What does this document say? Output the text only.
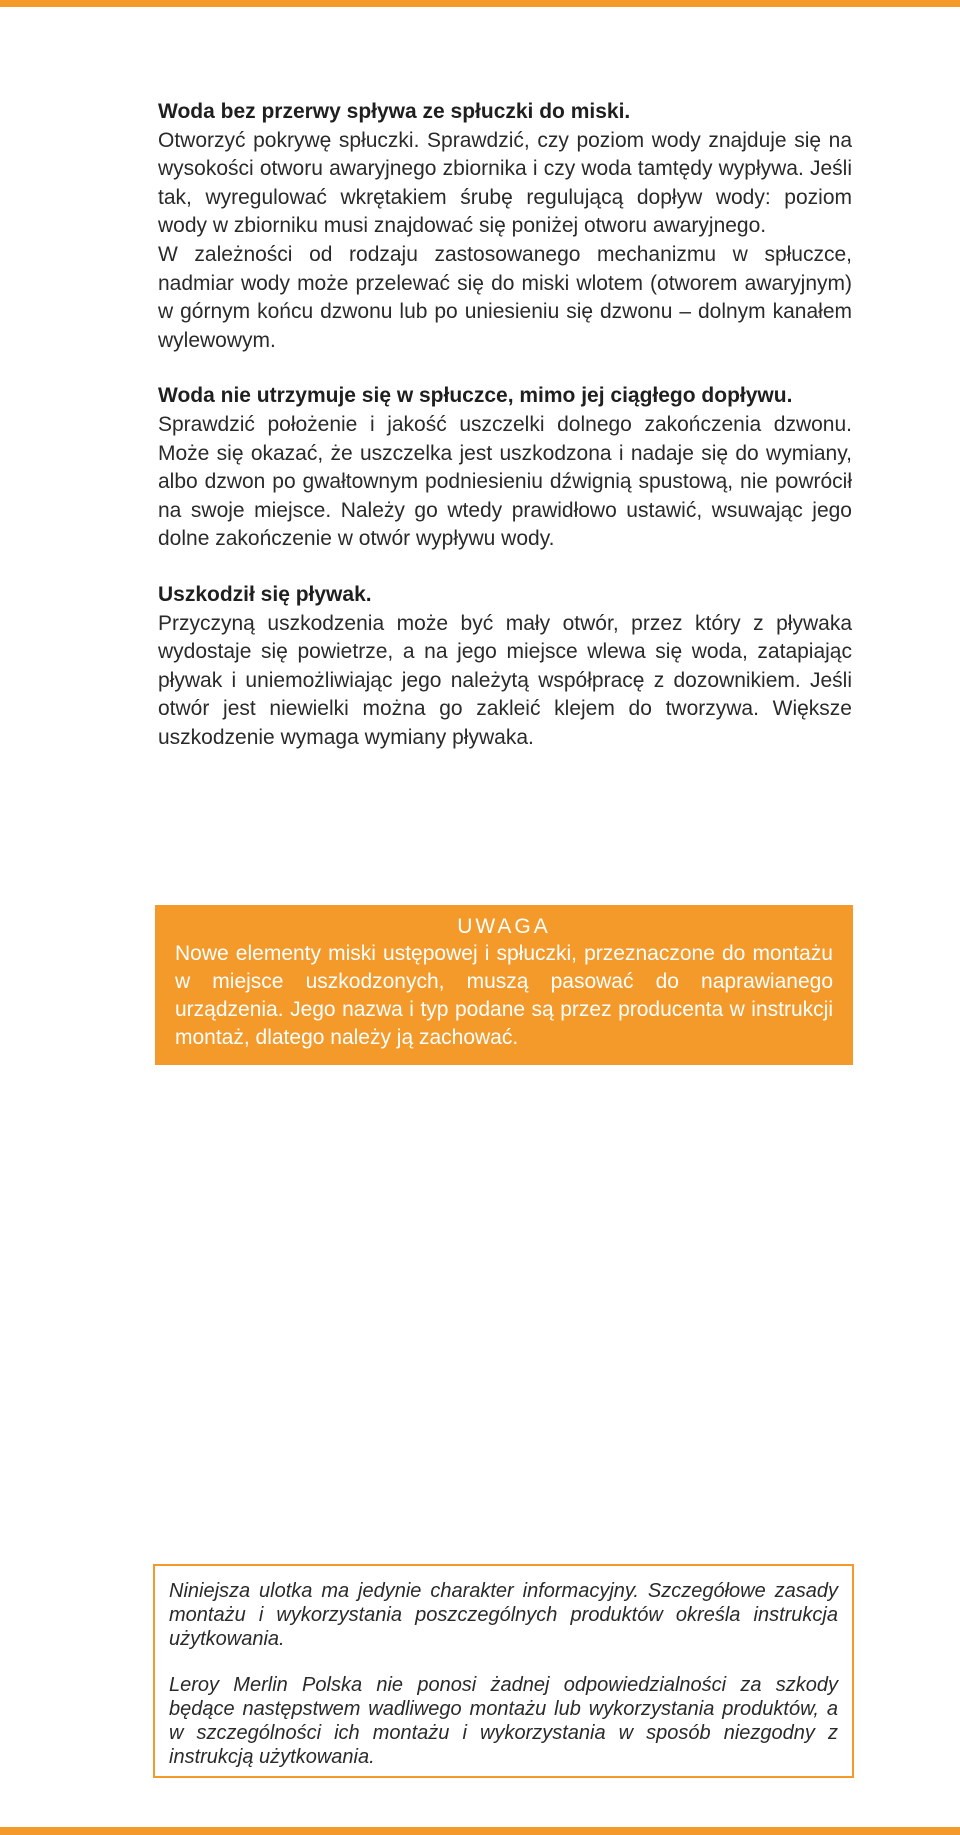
Woda bez przerwy spływa ze spłuczki do miski.

Otworzyć pokrywę spłuczki. Sprawdzić, czy poziom wody znajduje się na wysokości otworu awaryjnego zbiornika i czy woda tamtędy wypływa. Jeśli tak, wyregulować wkrętakiem śrubę regulującą dopływ wody: poziom wody w zbiorniku musi znajdować się poniżej otworu awaryjnego.

W zależności od rodzaju zastosowanego mechanizmu w spłuczce, nadmiar wody może przelewać się do miski wlotem (otworem awaryjnym) w górnym końcu dzwonu lub po uniesieniu się dzwonu – dolnym kanałem wylewowym.

Woda nie utrzymuje się w spłuczce, mimo jej ciągłego dopływu.

Sprawdzić położenie i jakość uszczelki dolnego zakończenia dzwonu. Może się okazać, że uszczelka jest uszkodzona i nadaje się do wymiany, albo dzwon po gwałtownym podniesieniu dźwignią spustową, nie powrócił na swoje miejsce. Należy go wtedy prawidłowo ustawić, wsuwając jego dolne zakończenie w otwór wypływu wody.

Uszkodził się pływak.

Przyczyną uszkodzenia może być mały otwór, przez który z pływaka wydostaje się powietrze, a na jego miejsce wlewa się woda, zatapiając pływak i uniemożliwiając jego należytą współpracę z dozownikiem. Jeśli otwór jest niewielki można go zakleić klejem do tworzywa. Większe uszkodzenie wymaga wymiany pływaka.

UWAGA

Nowe elementy miski ustępowej i spłuczki, przeznaczone do montażu w miejsce uszkodzonych, muszą pasować do naprawianego urządzenia. Jego nazwa i typ podane są przez producenta w instrukcji montaż, dlatego należy ją zachować.

Niniejsza ulotka ma jedynie charakter informacyjny. Szczegółowe zasady montażu i wykorzystania poszczególnych produktów określa instrukcja użytkowania.

Leroy Merlin Polska nie ponosi żadnej odpowiedzialności za szkody będące następstwem wadliwego montażu lub wykorzystania produktów, a w szczególności ich montażu i wykorzystania w sposób niezgodny z instrukcją użytkowania.
